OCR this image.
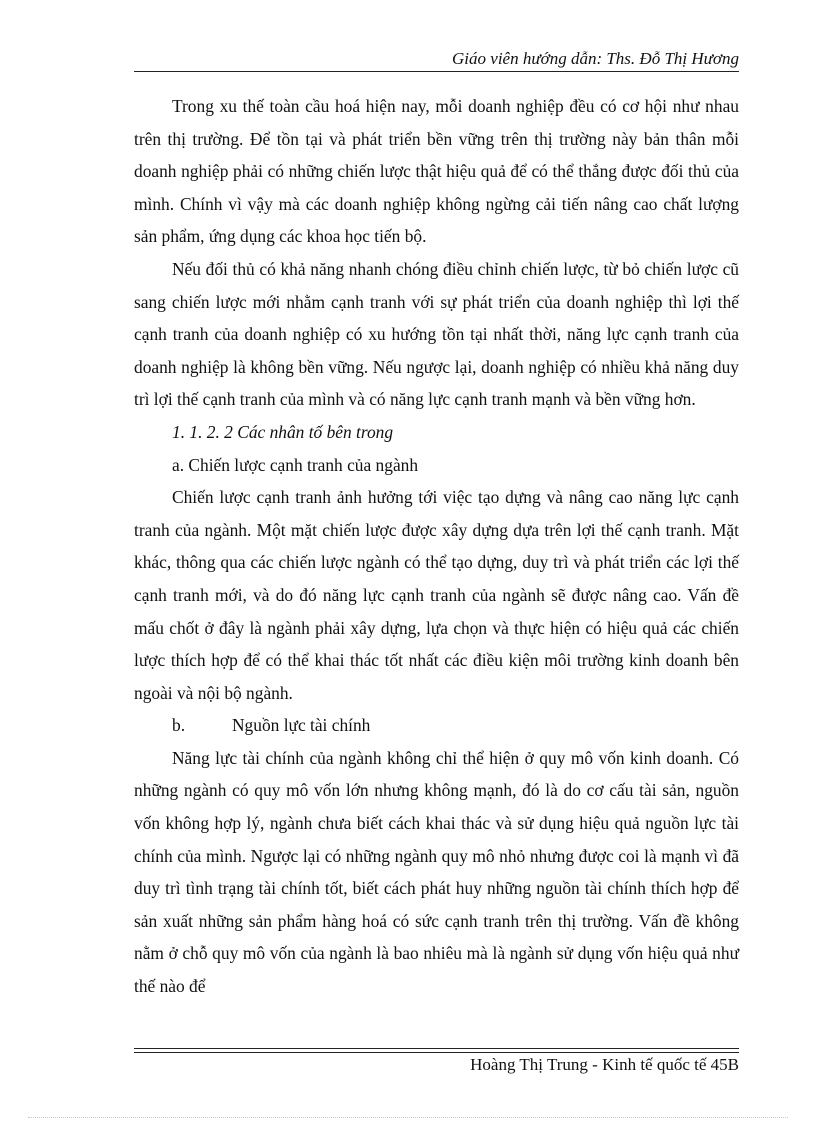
Giáo viên hướng dẫn: Ths. Đỗ Thị Hương

Trong xu thế toàn cầu hoá hiện nay, mỗi doanh nghiệp đều có cơ hội như nhau trên thị trường. Để tồn tại và phát triển bền vững trên thị trường này bản thân mỗi doanh nghiệp phải có những chiến lược thật hiệu quả để có thể thắng được đối thủ của mình. Chính vì vậy mà các doanh nghiệp không ngừng cải tiến nâng cao chất lượng sản phẩm, ứng dụng các khoa học tiến bộ.

Nếu đối thủ có khả năng nhanh chóng điều chỉnh chiến lược, từ bỏ chiến lược cũ sang chiến lược mới nhằm cạnh tranh với sự phát triển của doanh nghiệp thì lợi thế cạnh tranh của doanh nghiệp có xu hướng tồn tại nhất thời, năng lực cạnh tranh của doanh nghiệp là không bền vững. Nếu ngược lại, doanh nghiệp có nhiều khả năng duy trì lợi thế cạnh tranh của mình và có năng lực cạnh tranh mạnh và bền vững hơn.

1. 1. 2. 2 Các nhân tố bên trong

a. Chiến lược cạnh tranh của ngành

Chiến lược cạnh tranh ảnh hưởng tới việc tạo dựng và nâng cao năng lực cạnh tranh của ngành. Một mặt chiến lược được xây dựng dựa trên lợi thế cạnh tranh. Mặt khác, thông qua các chiến lược ngành có thể tạo dựng, duy trì và phát triển các lợi thế cạnh tranh mới, và do đó năng lực cạnh tranh của ngành sẽ được nâng cao. Vấn đề mấu chốt ở đây là ngành phải xây dựng, lựa chọn và thực hiện có hiệu quả các chiến lược thích hợp để có thể khai thác tốt nhất các điều kiện môi trường kinh doanh bên ngoài và nội bộ ngành.

b.	Nguồn lực tài chính

Năng lực tài chính của ngành không chỉ thể hiện ở quy mô vốn kinh doanh. Có những ngành có quy mô vốn lớn nhưng không mạnh, đó là do cơ cấu tài sản, nguồn vốn không hợp lý, ngành chưa biết cách khai thác và sử dụng hiệu quả nguồn lực tài chính của mình. Ngược lại có những ngành quy mô nhỏ nhưng được coi là mạnh vì đã duy trì tình trạng tài chính tốt, biết cách phát huy những nguồn tài chính thích hợp để sản xuất những sản phẩm hàng hoá có sức cạnh tranh trên thị trường. Vấn đề không nằm ở chỗ quy mô vốn của ngành là bao nhiêu mà là ngành sử dụng vốn hiệu quả như thế nào để

Hoàng Thị Trung - Kinh tế quốc tế 45B
